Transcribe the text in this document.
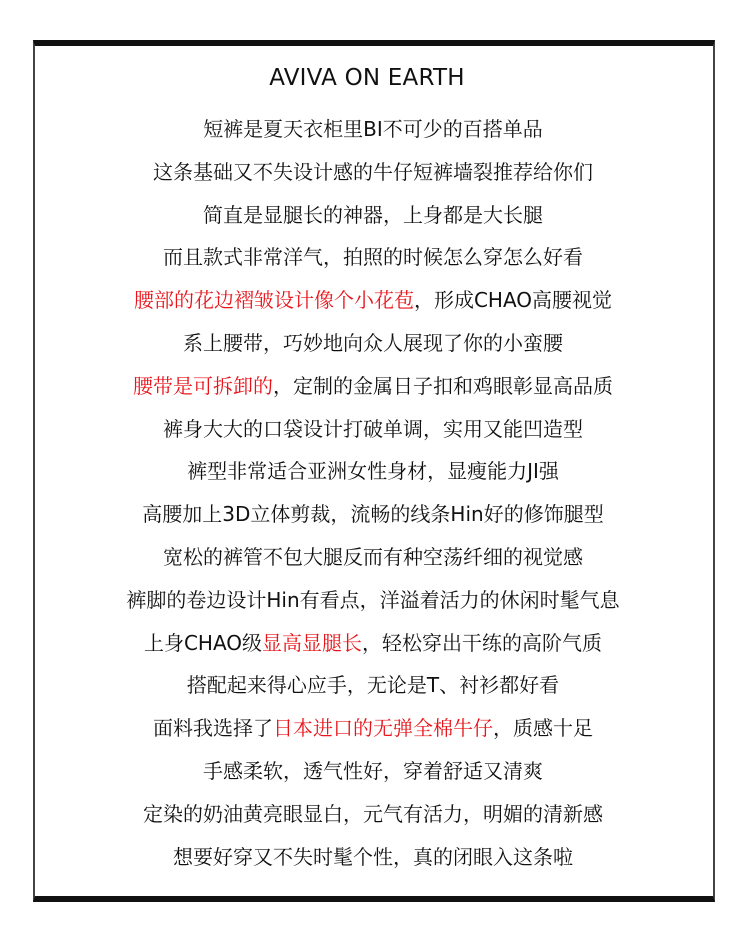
AVIVA ON EARTH
短裤是夏天衣柜里BI不可少的百搭单品
这条基础又不失设计感的牛仔短裤墙裂推荐给你们
简直是显腿长的神器，上身都是大长腿
而且款式非常洋气，拍照的时候怎么穿怎么好看
腰部的花边褶皱设计像个小花苞，形成CHAO高腰视觉
系上腰带，巧妙地向众人展现了你的小蛮腰
腰带是可拆卸的，定制的金属日子扣和鸡眼彰显高品质
裤身大大的口袋设计打破单调，实用又能凹造型
裤型非常适合亚洲女性身材，显瘦能力JI强
高腰加上3D立体剪裁，流畅的线条Hin好的修饰腿型
宽松的裤管不包大腿反而有种空荡纤细的视觉感
裤脚的卷边设计Hin有看点，洋溢着活力的休闲时髦气息
上身CHAO级显高显腿长，轻松穿出干练的高阶气质
搭配起来得心应手，无论是T、衬衫都好看
面料我选择了日本进口的无弹全棉牛仔，质感十足
手感柔软，透气性好，穿着舒适又清爽
定染的奶油黄亮眼显白，元气有活力，明媚的清新感
想要好穿又不失时髦个性，真的闭眼入这条啦
